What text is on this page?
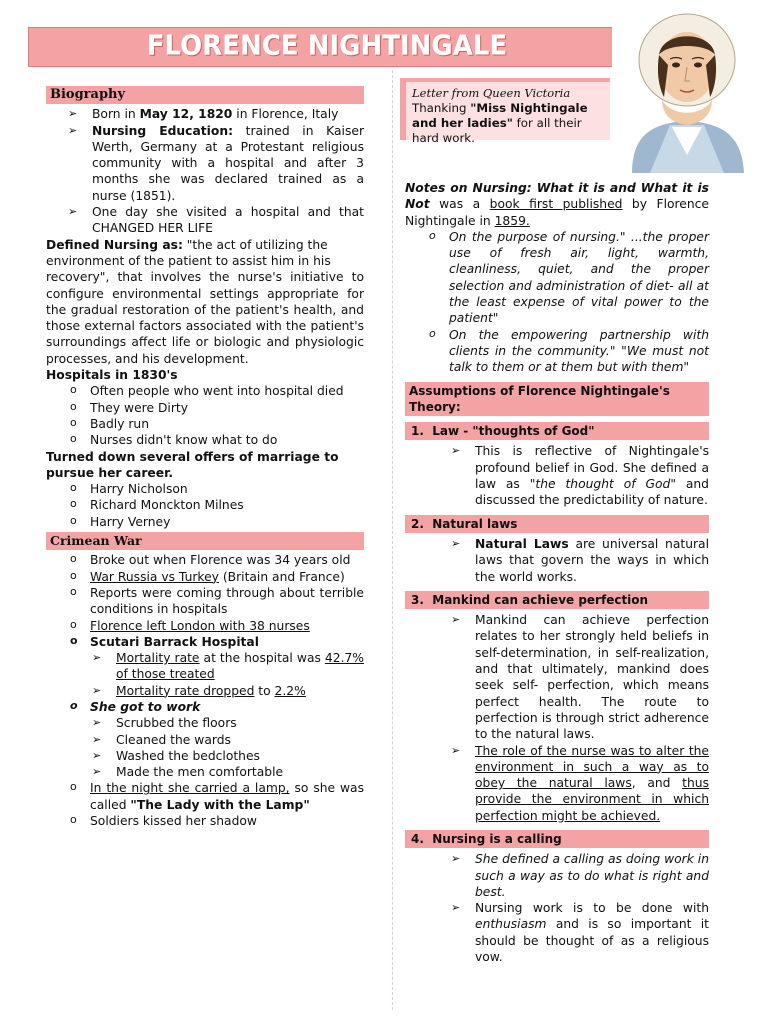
FLORENCE NIGHTINGALE
Biography
➢ Born in May 12, 1820 in Florence, Italy
➢ Nursing Education: trained in Kaiser Werth, Germany at a Protestant religious community with a hospital and after 3 months she was declared trained as a nurse (1851).
➢ One day she visited a hospital and that CHANGED HER LIFE

Defined Nursing as: "the act of utilizing the environment of the patient to assist him in his

recovery", that involves the nurse's initiative to configure environmental settings appropriate for the gradual restoration of the patient's health, and those external factors associated with the patient's surroundings affect life or biologic and physiologic processes, and his development.

Hospitals in 1830's

o Often people who went into hospital died
o They were Dirty
o Badly run
o Nurses didn't know what to do

Turned down several offers of marriage to pursue her career.

o Harry Nicholson
o Richard Monckton Milnes
o Harry Verney
Crimean War
o Broke out when Florence was 34 years old
o War Russia vs Turkey (Britain and France)
o Reports were coming through about terrible conditions in hospitals
o Florence left London with 38 nurses
o Scutari Barrack Hospital
➢ Mortality rate at the hospital was 42.7% of those treated
➢ Mortality rate dropped to 2.2%
o She got to work
➢ Scrubbed the floors
➢ Cleaned the wards
➢ Washed the bedclothes
➢ Made the men comfortable
o In the night she carried a lamp, so she was called "The Lady with the Lamp"
o Soldiers kissed her shadow
Letter from Queen Victoria
Thanking "Miss Nightingale and her ladies" for all their hard work.

Notes on Nursing: What it is and What it is Not was a book first published by Florence Nightingale in 1859.

o On the purpose of nursing." ...the proper use of fresh air, light, warmth, cleanliness, quiet, and the proper selection and administration of diet- all at the least expense of vital power to the patient"
o On the empowering partnership with clients in the community." "We must not talk to them or at them but with them"
Assumptions of Florence Nightingale's Theory:
1.  Law - "thoughts of God"
➢ This is reflective of Nightingale's profound belief in God. She defined a law as "the thought of God" and discussed the predictability of nature.
2.  Natural laws
➢ Natural Laws are universal natural laws that govern the ways in which the world works.
3.  Mankind can achieve perfection
➢ Mankind can achieve perfection relates to her strongly held beliefs in self-determination, in self-realization, and that ultimately, mankind does seek self- perfection, which means perfect health. The route to perfection is through strict adherence to the natural laws.
➢ The role of the nurse was to alter the environment in such a way as to obey the natural laws, and thus provide the environment in which perfection might be achieved.
4.  Nursing is a calling
➢ She defined a calling as doing work in such a way as to do what is right and best.
➢ Nursing work is to be done with enthusiasm and is so important it should be thought of as a religious vow.
